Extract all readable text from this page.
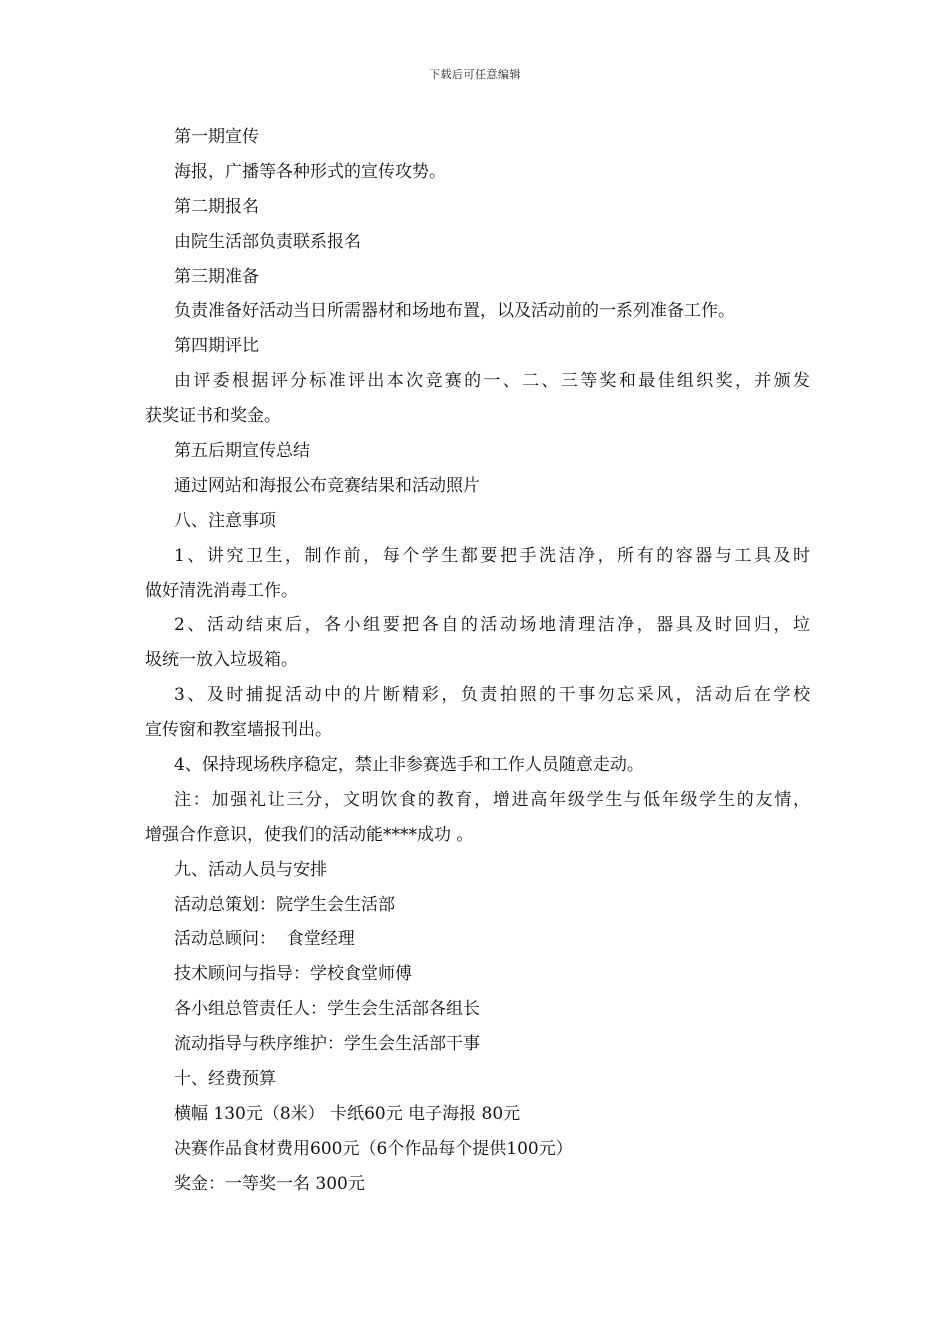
下载后可任意编辑
第一期宣传
海报，广播等各种形式的宣传攻势。
第二期报名
由院生活部负责联系报名
第三期准备
负责准备好活动当日所需器材和场地布置，以及活动前的一系列准备工作。
第四期评比
由评委根据评分标准评出本次竞赛的一、二、三等奖和最佳组织奖，并颁发
获奖证书和奖金。
第五后期宣传总结
通过网站和海报公布竞赛结果和活动照片
八、注意事项
1、讲究卫生，制作前，每个学生都要把手洗洁净，所有的容器与工具及时
做好清洗消毒工作。
2、活动结束后，各小组要把各自的活动场地清理洁净，器具及时回归，垃
圾统一放入垃圾箱。
3、及时捕捉活动中的片断精彩，负责拍照的干事勿忘采风，活动后在学校
宣传窗和教室墙报刊出。
4、保持现场秩序稳定，禁止非参赛选手和工作人员随意走动。
注：加强礼让三分，文明饮食的教育，增进高年级学生与低年级学生的友情，
增强合作意识，使我们的活动能****成功 。
九、活动人员与安排
活动总策划：院学生会生活部
活动总顾问：  食堂经理
技术顾问与指导：学校食堂师傅
各小组总管责任人：学生会生活部各组长
流动指导与秩序维护：学生会生活部干事
十、经费预算
横幅 130元（8米） 卡纸60元 电子海报 80元
决赛作品食材费用600元（6个作品每个提供100元）
奖金：一等奖一名 300元
